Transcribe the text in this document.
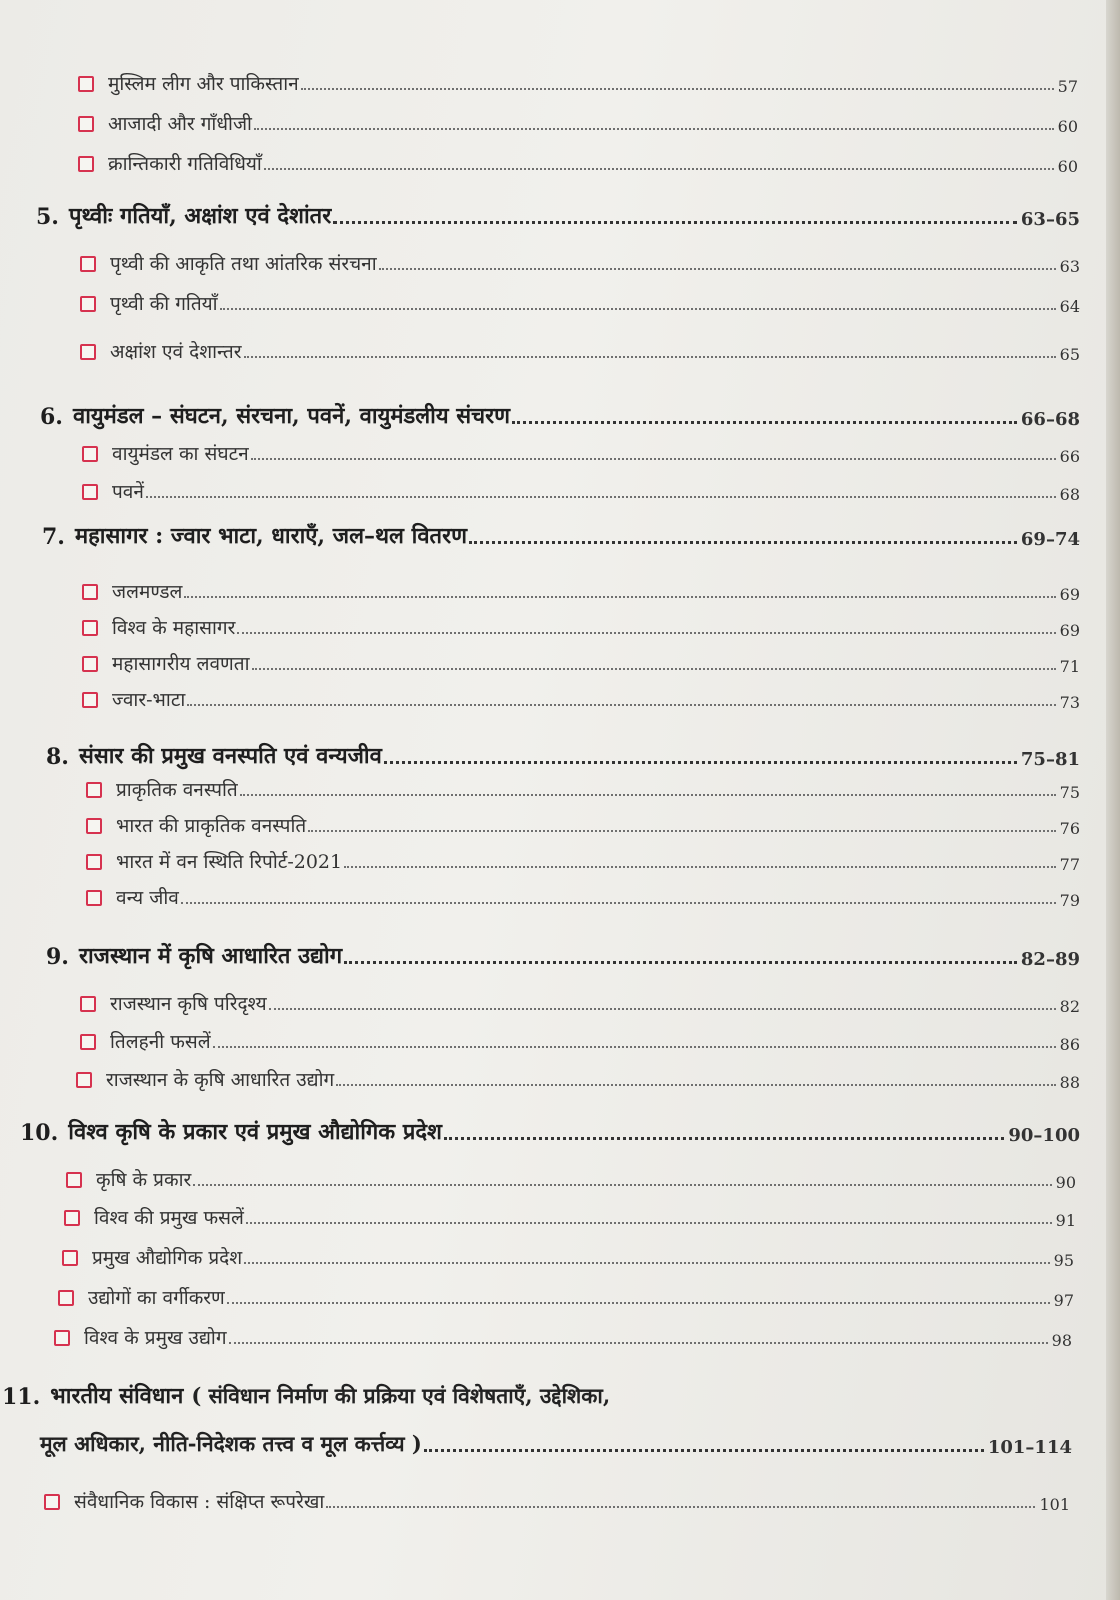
मुस्लिम लीग और पाकिस्तान	57
आजादी और गाँधीजी	60
क्रान्तिकारी गतिविधियाँ	60
5. पृथ्वीः गतियाँ, अक्षांश एवं देशांतर	63–65
पृथ्वी की आकृति तथा आंतरिक संरचना	63
पृथ्वी की गतियाँ	64
अक्षांश एवं देशान्तर	65
6. वायुमंडल – संघटन, संरचना, पवनें, वायुमंडलीय संचरण	66–68
वायुमंडल का संघटन	66
पवनें	68
7. महासागर : ज्वार भाटा, धाराएँ, जल–थल वितरण	69–74
जलमण्डल	69
विश्व के महासागर	69
महासागरीय लवणता	71
ज्वार-भाटा	73
8. संसार की प्रमुख वनस्पति एवं वन्यजीव	75–81
प्राकृतिक वनस्पति	75
भारत की प्राकृतिक वनस्पति	76
भारत में वन स्थिति रिपोर्ट-2021	77
वन्य जीव	79
9. राजस्थान में कृषि आधारित उद्योग	82–89
राजस्थान कृषि परिदृश्य	82
तिलहनी फसलें	86
राजस्थान के कृषि आधारित उद्योग	88
10. विश्व कृषि के प्रकार एवं प्रमुख औद्योगिक प्रदेश	90–100
कृषि के प्रकार	90
विश्व की प्रमुख फसलें	91
प्रमुख औद्योगिक प्रदेश	95
उद्योगों का वर्गीकरण	97
विश्व के प्रमुख उद्योग	98
11. भारतीय संविधान ( संविधान निर्माण की प्रक्रिया एवं विशेषताएँ, उद्देशिका,
मूल अधिकार, नीति-निदेशक तत्त्व व मूल कर्त्तव्य )	101–114
संवैधानिक विकास : संक्षिप्त रूपरेखा	101
